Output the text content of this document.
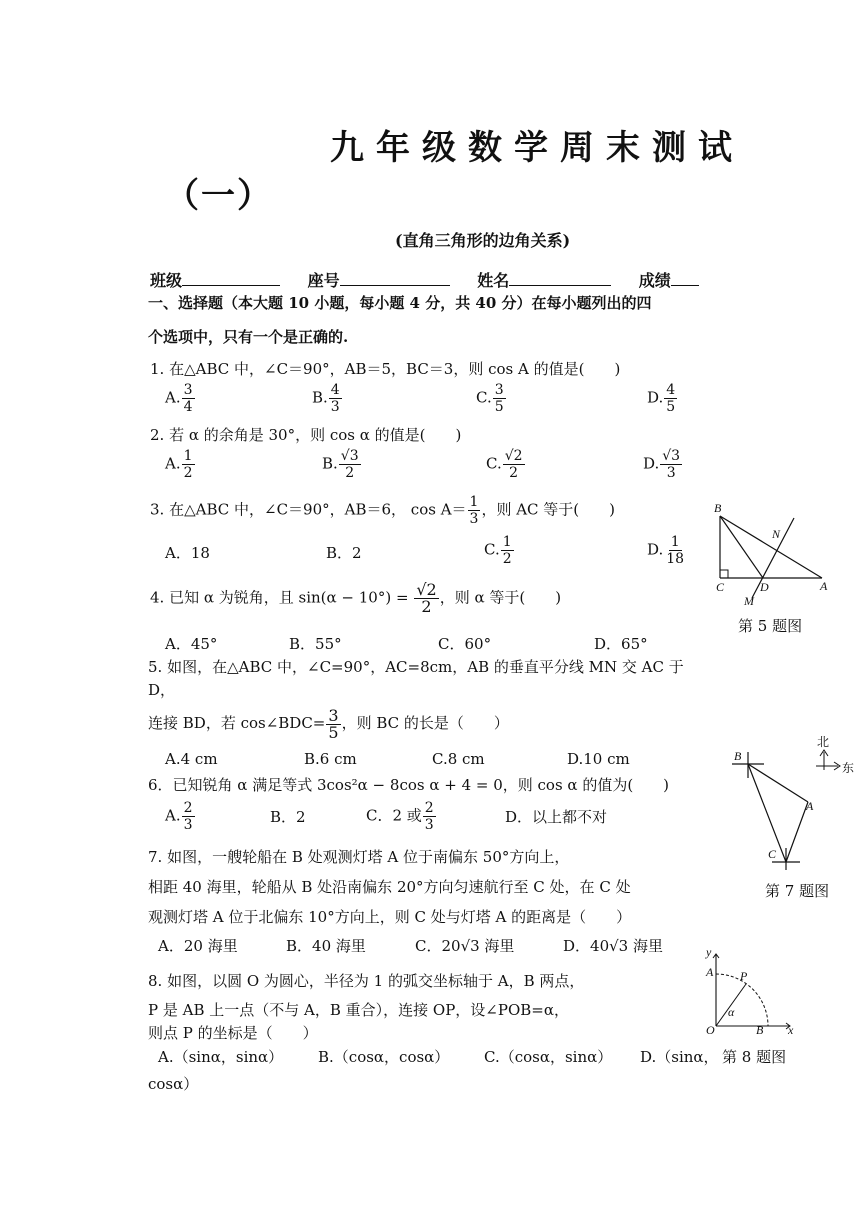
九年级数学周末测试
（一）
(直角三角形的边角关系)
班级	座号	姓名	成绩
一、选择题（本大题 10 小题，每小题 4 分，共 40 分）在每小题列出的四
个选项中，只有一个是正确的.
1. 在△ABC 中，∠C＝90°，AB＝5，BC＝3，则 cos A 的值是(　　)
A. $\frac{3}{4}$	B. $\frac{4}{3}$	C. $\frac{3}{5}$	D. $\frac{4}{5}$
2. 若 α 的余角是 30°，则 cos α 的值是(　　)
A. $\frac{1}{2}$	B. $\frac{√3}{2}$	C. $\frac{√2}{2}$	D. $\frac{√3}{3}$
3. 在△ABC 中，∠C＝90°，AB＝6， $\cos A= \frac{1}{3}$ ，则 AC 等于(　　)
A．18	B．2	C. $\frac{1}{2}$	D. $\frac{1}{18}$
4. 已知 α 为锐角，且 $\sin(\alpha - 10^\circ) = \frac{√2}{2}$ ，则 α 等于(　　)
A．45°	B．55°	C．60°	D．65°
5. 如图，在△ABC 中，∠C=90°，AC=8cm，AB 的垂直平分线 MN 交 AC 于
D，
连接 BD，若 cos∠BDC= $\frac{3}{5}$ ，则 BC 的长是（　　）
A.4 cm	B.6 cm	C.8 cm	D.10 cm
6．已知锐角 α 满足等式 3cos²α − 8cos α + 4 = 0，则 cos α 的值为(　　)
A. $\frac{2}{3}$	B．2	C．2 或 $\frac{2}{3}$	D．以上都不对
7. 如图，一艘轮船在 B 处观测灯塔 A 位于南偏东 50°方向上，
相距 40 海里，轮船从 B 处沿南偏东 20°方向匀速航行至 C 处，在 C 处
观测灯塔 A 位于北偏东 10°方向上，则 C 处与灯塔 A 的距离是（　　）
A．20 海里	B．40 海里	C．20√3 海里	D．40√3 海里
8. 如图，以圆 O 为圆心，半径为 1 的弧交坐标轴于 A，B 两点，
P 是 AB 上一点（不与 A，B 重合），连接 OP，设∠POB=α，
则点 P 的坐标是（　　）
A.（sinα，sinα） B.（cosα，cosα） C.（cosα，sinα） D.（sinα，
cosα）
B
N
C	D	A
M
第 5 题图
B
A
C
北
东
第 7 题图
y
A P
α
O	B x
第 8 题图
